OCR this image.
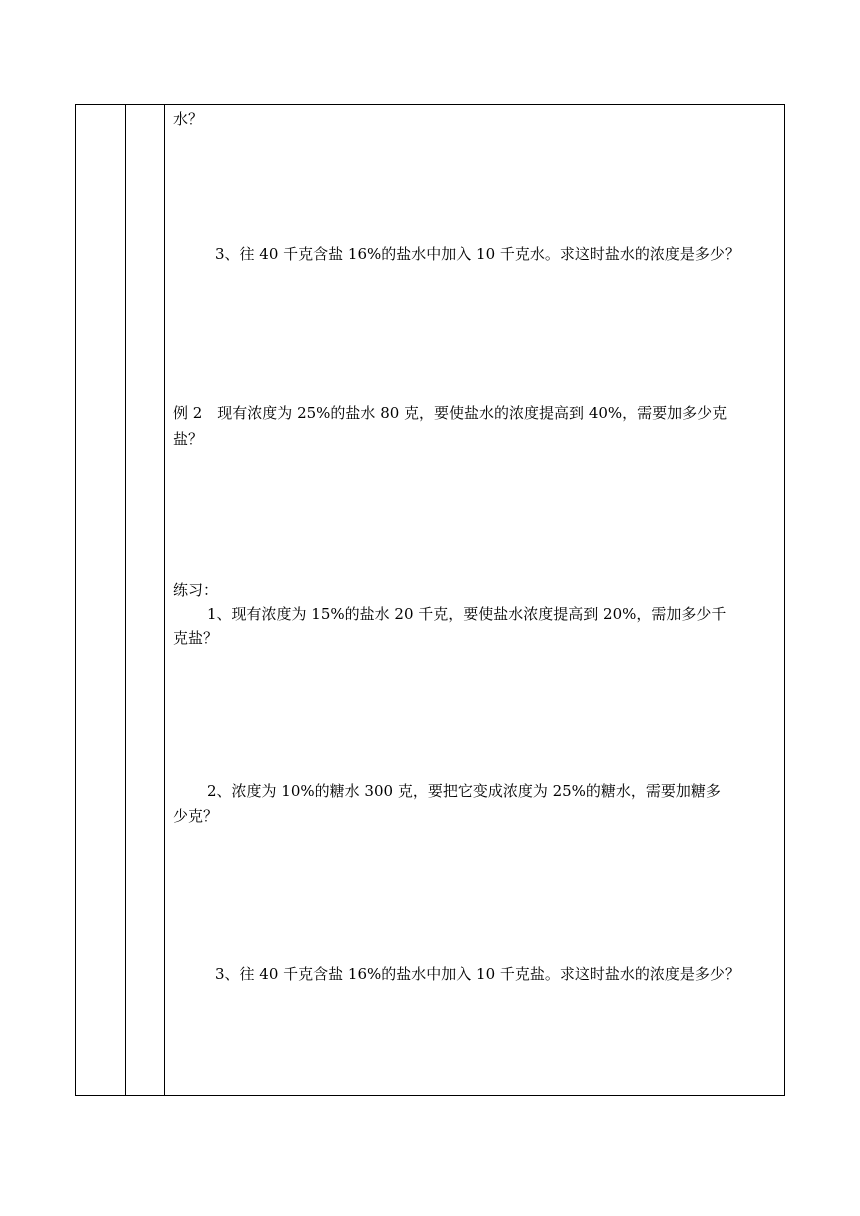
水？
3、往 40 千克含盐 16%的盐水中加入 10 千克水。求这时盐水的浓度是多少？
例 2　现有浓度为 25%的盐水 80 克，要使盐水的浓度提高到 40%，需要加多少克
盐？
练习：
1、现有浓度为 15%的盐水 20 千克，要使盐水浓度提高到 20%，需加多少千
克盐？
2、浓度为 10%的糖水 300 克，要把它变成浓度为 25%的糖水，需要加糖多
少克？
3、往 40 千克含盐 16%的盐水中加入 10 千克盐。求这时盐水的浓度是多少？
